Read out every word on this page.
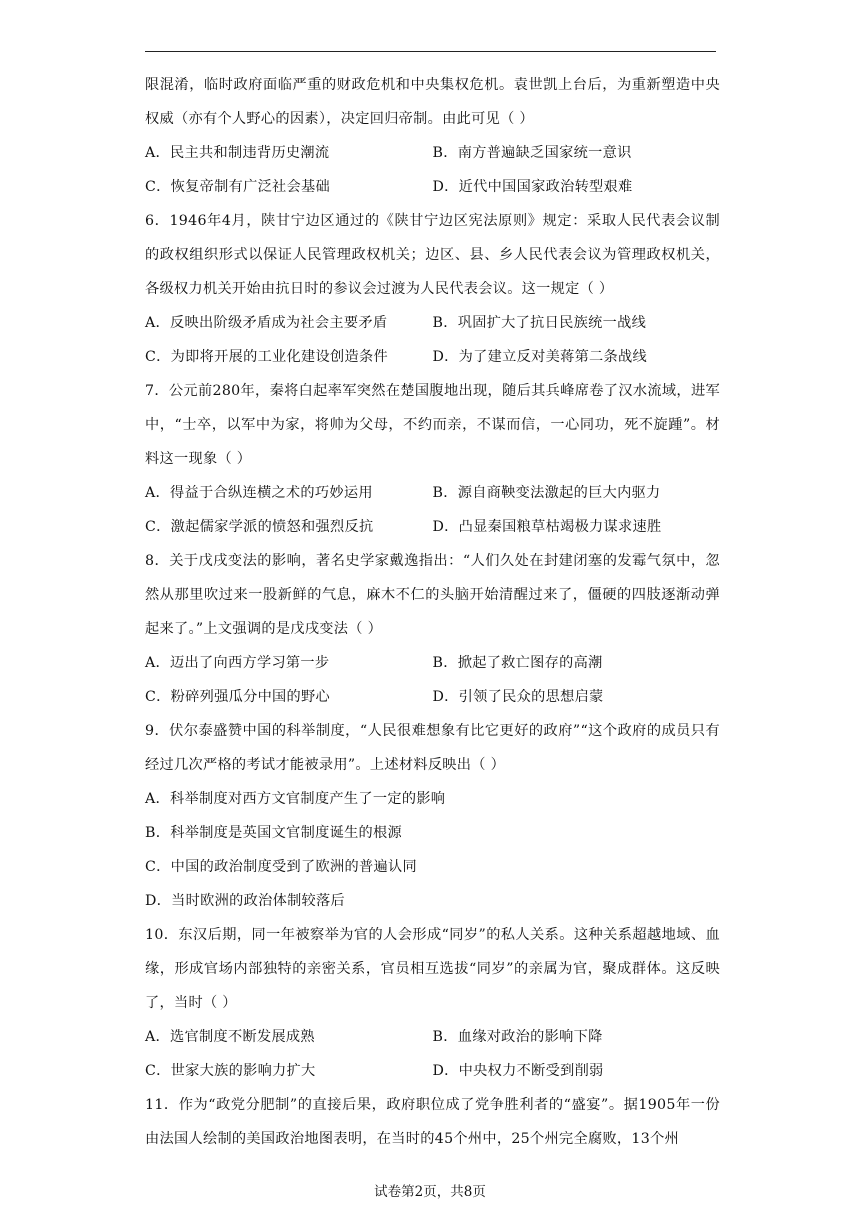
限混淆，临时政府面临严重的财政危机和中央集权危机。袁世凯上台后，为重新塑造中央权威（亦有个人野心的因素），决定回归帝制。由此可见（ ）

A．民主共和制违背历史潮流	B．南方普遍缺乏国家统一意识
C．恢复帝制有广泛社会基础	D．近代中国国家政治转型艰难

6．1946年4月，陕甘宁边区通过的《陕甘宁边区宪法原则》规定：采取人民代表会议制的政权组织形式以保证人民管理政权机关；边区、县、乡人民代表会议为管理政权机关，各级权力机关开始由抗日时的参议会过渡为人民代表会议。这一规定（ ）

A．反映出阶级矛盾成为社会主要矛盾	B．巩固扩大了抗日民族统一战线
C．为即将开展的工业化建设创造条件	D．为了建立反对美蒋第二条战线

7．公元前280年，秦将白起率军突然在楚国腹地出现，随后其兵峰席卷了汉水流域，进军中，“士卒，以军中为家，将帅为父母，不约而亲，不谋而信，一心同功，死不旋踵”。材料这一现象（ ）

A．得益于合纵连横之术的巧妙运用	B．源自商鞅变法激起的巨大内驱力
C．激起儒家学派的愤怒和强烈反抗	D．凸显秦国粮草枯竭极力谋求速胜

8．关于戊戌变法的影响，著名史学家戴逸指出：“人们久处在封建闭塞的发霉气氛中，忽然从那里吹过来一股新鲜的气息，麻木不仁的头脑开始清醒过来了，僵硬的四肢逐渐动弹起来了。”上文强调的是戊戌变法（ ）

A．迈出了向西方学习第一步	B．掀起了救亡图存的高潮
C．粉碎列强瓜分中国的野心	D．引领了民众的思想启蒙

9．伏尔泰盛赞中国的科举制度，“人民很难想象有比它更好的政府”“这个政府的成员只有经过几次严格的考试才能被录用”。上述材料反映出（ ）

A．科举制度对西方文官制度产生了一定的影响
B．科举制度是英国文官制度诞生的根源
C．中国的政治制度受到了欧洲的普遍认同
D．当时欧洲的政治体制较落后

10．东汉后期，同一年被察举为官的人会形成“同岁”的私人关系。这种关系超越地域、血缘，形成官场内部独特的亲密关系，官员相互选拔“同岁”的亲属为官，聚成群体。这反映了，当时（ ）

A．选官制度不断发展成熟	B．血缘对政治的影响下降
C．世家大族的影响力扩大	D．中央权力不断受到削弱

11．作为“政党分肥制”的直接后果，政府职位成了党争胜利者的“盛宴”。据1905年一份由法国人绘制的美国政治地图表明，在当时的45个州中，25个州完全腐败，13个州

试卷第2页，共8页
